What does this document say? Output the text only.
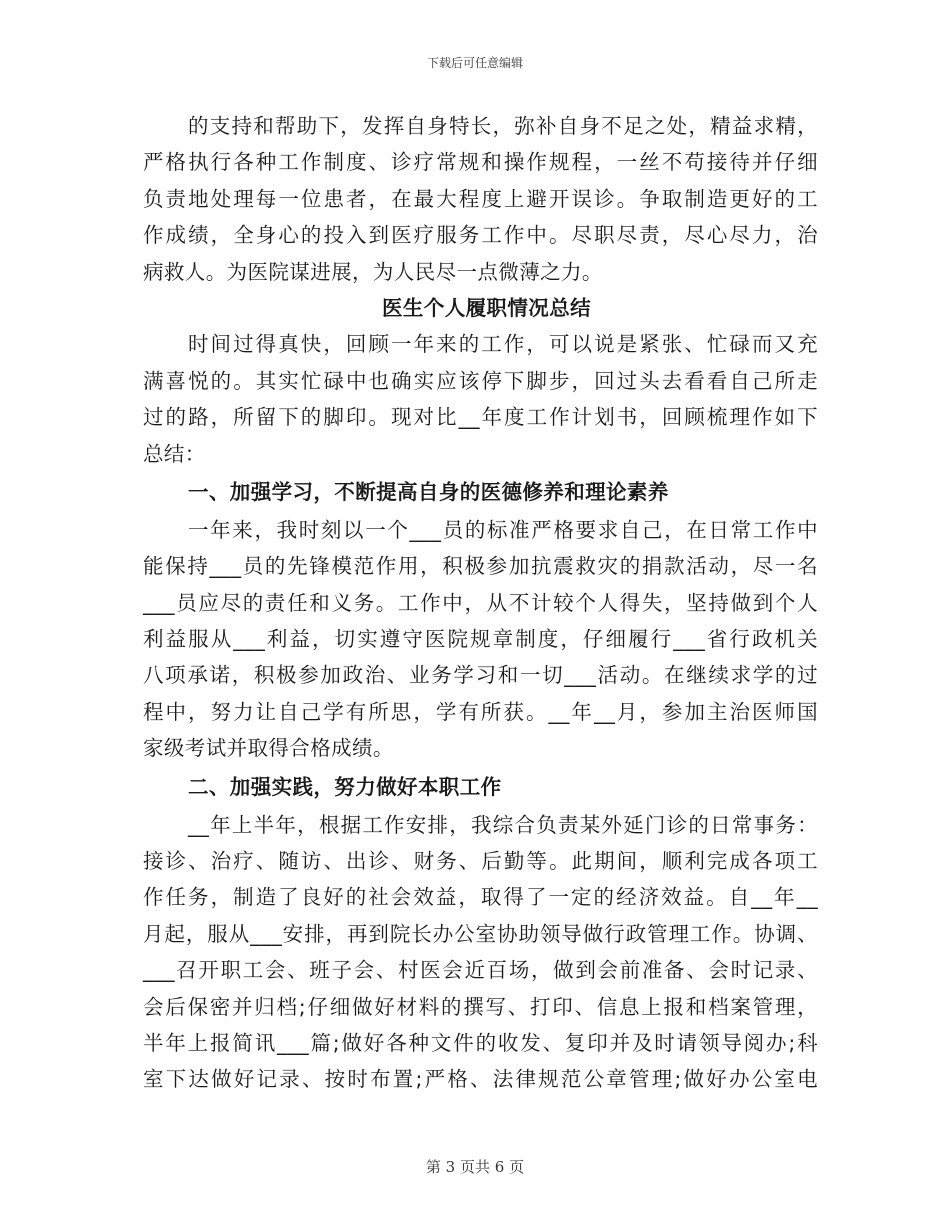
下载后可任意编辑
的支持和帮助下，发挥自身特长，弥补自身不足之处，精益求精，
严格执行各种工作制度、诊疗常规和操作规程，一丝不苟接待并仔细
负责地处理每一位患者，在最大程度上避开误诊。争取制造更好的工
作成绩，全身心的投入到医疗服务工作中。尽职尽责，尽心尽力，治
病救人。为医院谋进展，为人民尽一点微薄之力。
医生个人履职情况总结
时间过得真快，回顾一年来的工作，可以说是紧张、忙碌而又充
满喜悦的。其实忙碌中也确实应该停下脚步，回过头去看看自己所走
过的路，所留下的脚印。现对比__年度工作计划书，回顾梳理作如下
总结：
一、加强学习，不断提高自身的医德修养和理论素养
一年来，我时刻以一个___员的标准严格要求自己，在日常工作中
能保持___员的先锋模范作用，积极参加抗震救灾的捐款活动，尽一名
___员应尽的责任和义务。工作中，从不计较个人得失，坚持做到个人
利益服从___利益，切实遵守医院规章制度，仔细履行___省行政机关
八项承诺，积极参加政治、业务学习和一切___活动。在继续求学的过
程中，努力让自己学有所思，学有所获。__年__月，参加主治医师国
家级考试并取得合格成绩。
二、加强实践，努力做好本职工作
__年上半年，根据工作安排，我综合负责某外延门诊的日常事务：
接诊、治疗、随访、出诊、财务、后勤等。此期间，顺利完成各项工
作任务，制造了良好的社会效益，取得了一定的经济效益。自__年__
月起，服从___安排，再到院长办公室协助领导做行政管理工作。协调、
___召开职工会、班子会、村医会近百场，做到会前准备、会时记录、
会后保密并归档;仔细做好材料的撰写、打印、信息上报和档案管理，
半年上报简讯___篇;做好各种文件的收发、复印并及时请领导阅办;科
室下达做好记录、按时布置;严格、法律规范公章管理;做好办公室电
第 3 页共 6 页
